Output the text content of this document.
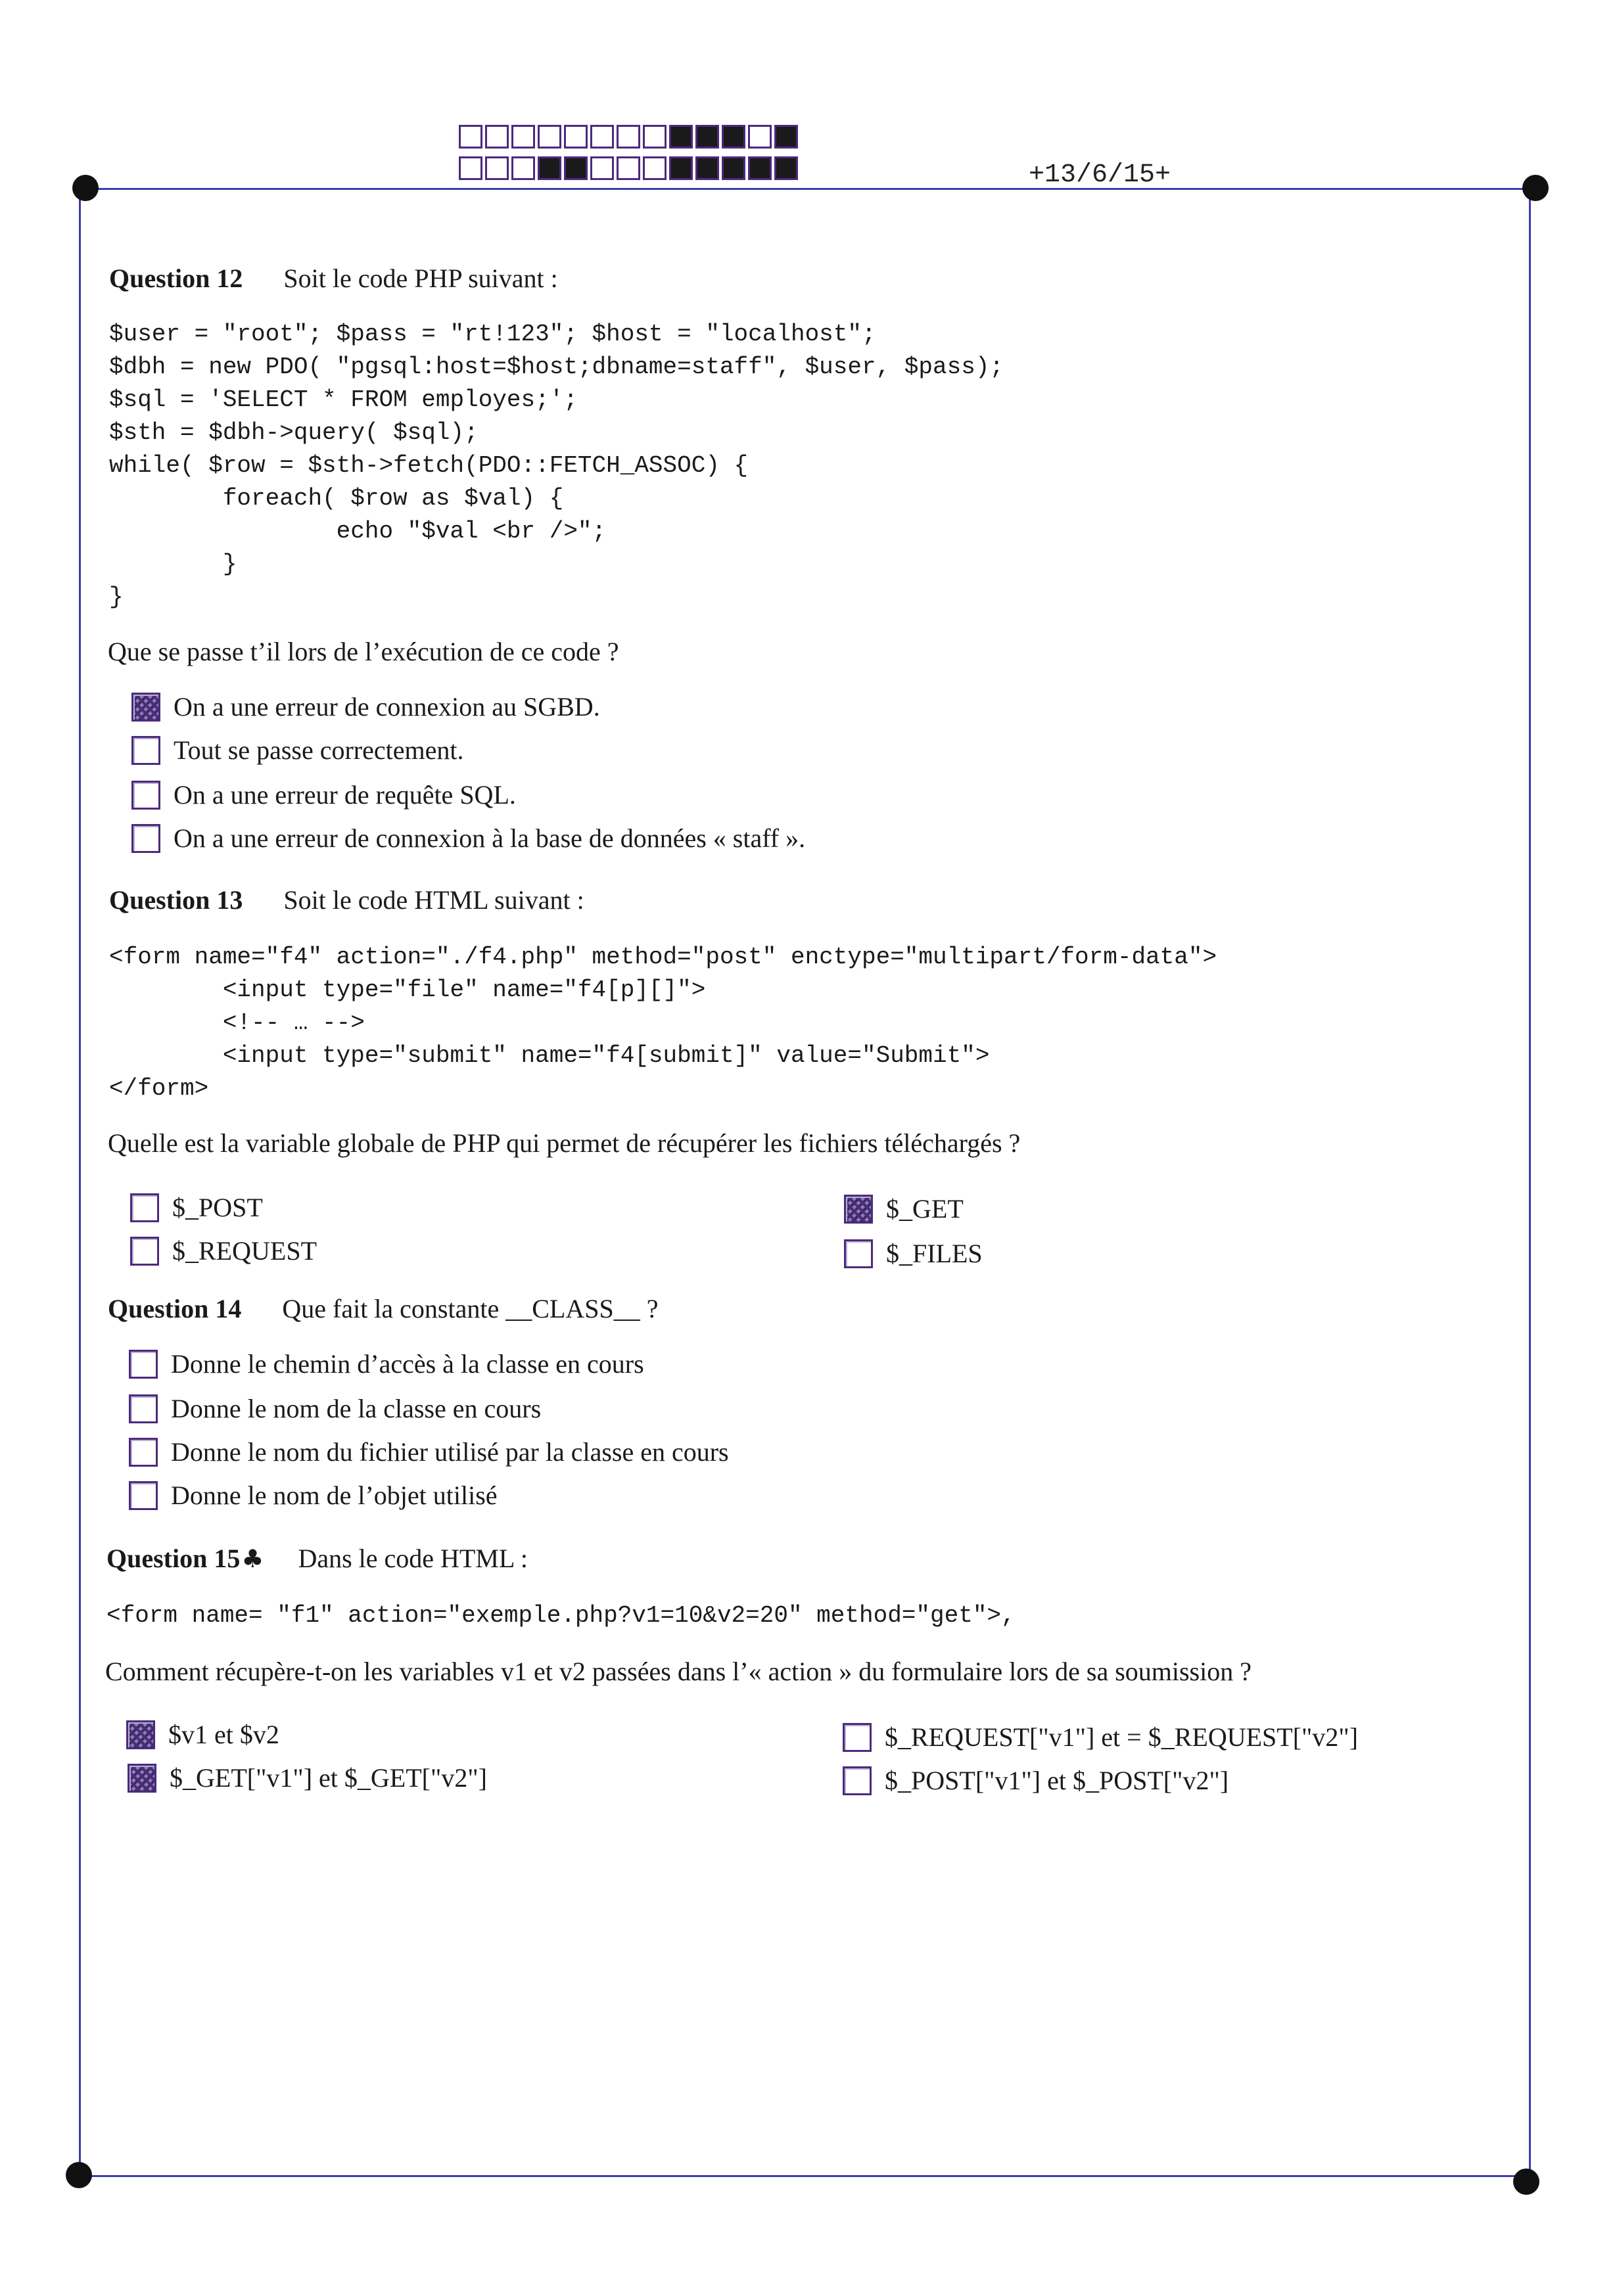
+13/6/15+
Question 12 Soit le code PHP suivant :
$user = "root"; $pass = "rt!123"; $host = "localhost";
$dbh = new PDO( "pgsql:host=$host;dbname=staff", $user, $pass);
$sql = 'SELECT * FROM employes;';
$sth = $dbh->query( $sql);
while( $row = $sth->fetch(PDO::FETCH_ASSOC) {
foreach( $row as $val) {
echo "$val <br />";
}
}
Que se passe t’il lors de l’exécution de ce code ?
On a une erreur de connexion au SGBD.
Tout se passe correctement.
On a une erreur de requête SQL.
On a une erreur de connexion à la base de données « staff ».
Question 13 Soit le code HTML suivant :
<form name="f4" action="./f4.php" method="post" enctype="multipart/form-data">
<input type="file" name="f4[p][]">
<!-- … -->
<input type="submit" name="f4[submit]" value="Submit">
</form>
Quelle est la variable globale de PHP qui permet de récupérer les fichiers téléchargés ?
$_POST
$_REQUEST
$_GET
$_FILES
Question 14 Que fait la constante __CLASS__ ?
Donne le chemin d’accès à la classe en cours
Donne le nom de la classe en cours
Donne le nom du fichier utilisé par la classe en cours
Donne le nom de l’objet utilisé
Question 15♣ Dans le code HTML :
<form name= "f1" action="exemple.php?v1=10&v2=20" method="get">,
Comment récupère-t-on les variables v1 et v2 passées dans l’« action » du formulaire lors de sa soumission ?
$v1 et $v2
$_GET["v1"] et $_GET["v2"]
$_REQUEST["v1"] et = $_REQUEST["v2"]
$_POST["v1"] et $_POST["v2"]
